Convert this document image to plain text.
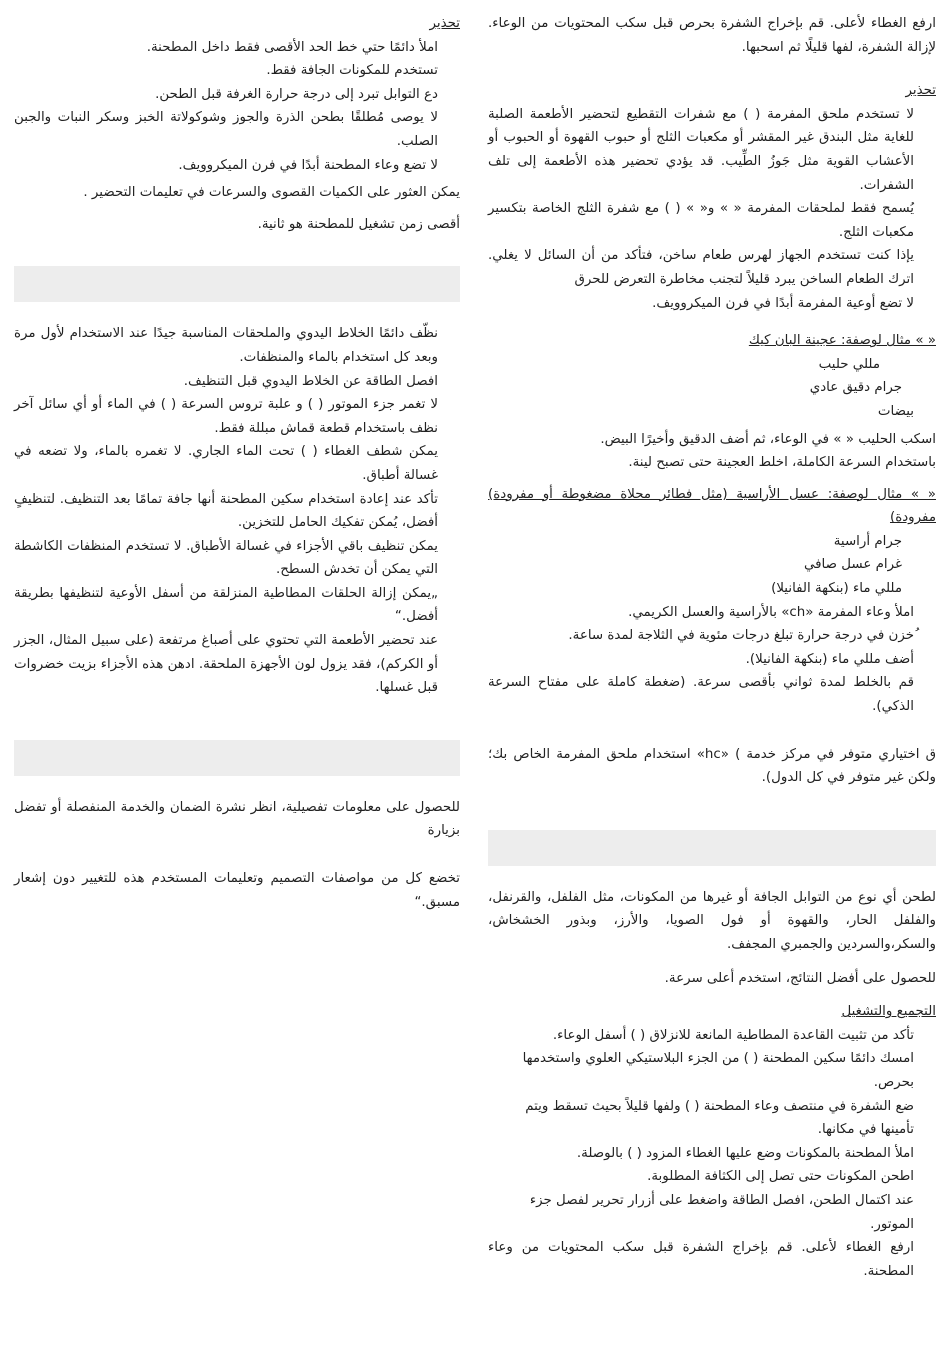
ارفع الغطاء لأعلى. قم بإخراج الشفرة بحرص قبل سكب المحتويات من الوعاء. لإزالة الشفرة، لفها قليلًا ثم اسحبها.
تحذير
لا تستخدم ملحق المفرمة ( ) مع شفرات التقطيع لتحضير الأطعمة الصلبة للغاية مثل البندق غير المقشر أو مكعبات الثلج أو حبوب القهوة أو الحبوب أو الأعشاب القوية مثل جَوزُ الطِّيب. قد يؤدي تحضير هذه الأطعمة إلى تلف الشفرات.
يُسمح فقط لملحقات المفرمة « » و« » ( ) مع شفرة الثلج الخاصة بتكسير مكعبات الثلج.
يإذا كنت تستخدم الجهاز لهرس طعام ساخن، فتأكد من أن السائل لا يغلي. اترك الطعام الساخن يبرد قليلاً لتجنب مخاطرة التعرض للحرق
لا تضع أوعية المفرمة أبدًا في فرن الميكروويف.
« » مثال لوصفة: عجينة البان كيك
مللي حليب
جرام دقيق عادي
بيضات
اسكب الحليب « » في الوعاء، ثم أضف الدقيق وأخيرًا البيض.
باستخدام السرعة الكاملة، اخلط العجينة حتى تصبح لينة.
« » مثال لوصفة: عسل الأراسية (مثل فطائر محلاة مضغوطة أو مفرودة) مفرودة)
جرام أراسية
غرام عسل صافي
مللي ماء (بنكهة الفانيلا)
املأ وعاء المفرمة «ch» بالأراسية والعسل الكريمي.
ُخزن في درجة حرارة تبلغ درجات مئوية في الثلاجة لمدة ساعة.
أضف مللي ماء (بنكهة الفانيلا).
قم بالخلط لمدة ثواني بأقصى سرعة. (ضغطة كاملة على مفتاح السرعة الذكي).
ق اختياري متوفر في مركز خدمة ) «hc» استخدام ملحق المفرمة الخاص بك؛ ولكن غير متوفر في كل الدول).
لطحن أي نوع من التوابل الجافة أو غيرها من المكونات، مثل الفلفل، والقرنفل، والفلفل الحار، والقهوة أو فول الصويا، والأرز، وبذور الخشخاش، والسكر،والسردين والجمبري المجفف.
للحصول على أفضل النتائج، استخدم أعلى سرعة.
التجميع والتشغيل
تأكد من تثبيت القاعدة المطاطية المانعة للانزلاق ( ) أسفل الوعاء.
امسك دائمًا سكين المطحنة ( ) من الجزء البلاستيكي العلوي واستخدمها بحرص.
ضع الشفرة في منتصف وعاء المطحنة ( ) ولفها قليلاً بحيث تسقط ويتم تأمينها في مكانها.
املأ المطحنة بالمكونات وضع عليها الغطاء المزود ( ) بالوصلة.
اطحن المكونات حتى تصل إلى الكثافة المطلوبة.
عند اكتمال الطحن، افصل الطاقة واضغط على أزرار تحرير لفصل جزء الموتور.
ارفع الغطاء لأعلى. قم بإخراج الشفرة قبل سكب المحتويات من وعاء المطحنة.
تحذير
املأ دائمًا حتي خط الحد الأقصى فقط داخل المطحنة.
تستخدم للمكونات الجافة فقط.
دع التوابل تبرد إلى درجة حرارة الغرفة قبل الطحن.
لا يوصى مُطلقًا بطحن الذرة والجوز وشوكولاتة الخبز وسكر النبات والجبن الصلب.
لا تضع وعاء المطحنة أبدًا في فرن الميكروويف.
يمكن العثور على الكميات القصوى والسرعات في تعليمات التحضير .
أقصى زمن تشغيل للمطحنة هو ثانية.
نظّف دائمًا الخلاط اليدوي والملحقات المناسبة جيدًا عند الاستخدام لأول مرة وبعد كل استخدام بالماء والمنظفات.
افصل الطاقة عن الخلاط اليدوي قبل التنظيف.
لا تغمر جزء الموتور ( ) و علبة تروس السرعة ( ) في الماء أو أي سائل آخر نظف باستخدام قطعة قماش مبللة فقط.
يمكن شطف الغطاء ( ) تحت الماء الجاري. لا تغمره بالماء، ولا تضعه في غسالة أطباق.
تأكد عند إعادة استخدام سكين المطحنة أنها جافة تمامًا بعد التنظيف. لتنظيفٍ أفضل، يُمكن تفكيك الحامل للتخزين.
يمكن تنظيف باقي الأجزاء في غسالة الأطباق. لا تستخدم المنظفات الكاشطة التي يمكن أن تخدش السطح.
„يمكن إزالة الحلقات المطاطية المنزلقة من أسفل الأوعية لتنظيفها بطريقة أفضل.“
عند تحضير الأطعمة التي تحتوي على أصباغ مرتفعة (على سبيل المثال، الجزر أو الكركم)، فقد يزول لون الأجهزة الملحقة. ادهن هذه الأجزاء بزيت خضروات قبل غسلها.
للحصول على معلومات تفصيلية، انظر نشرة الضمان والخدمة المنفصلة أو تفضل بزيارة
تخضع كل من مواصفات التصميم وتعليمات المستخدم هذه للتغيير دون إشعار مسبق.“
